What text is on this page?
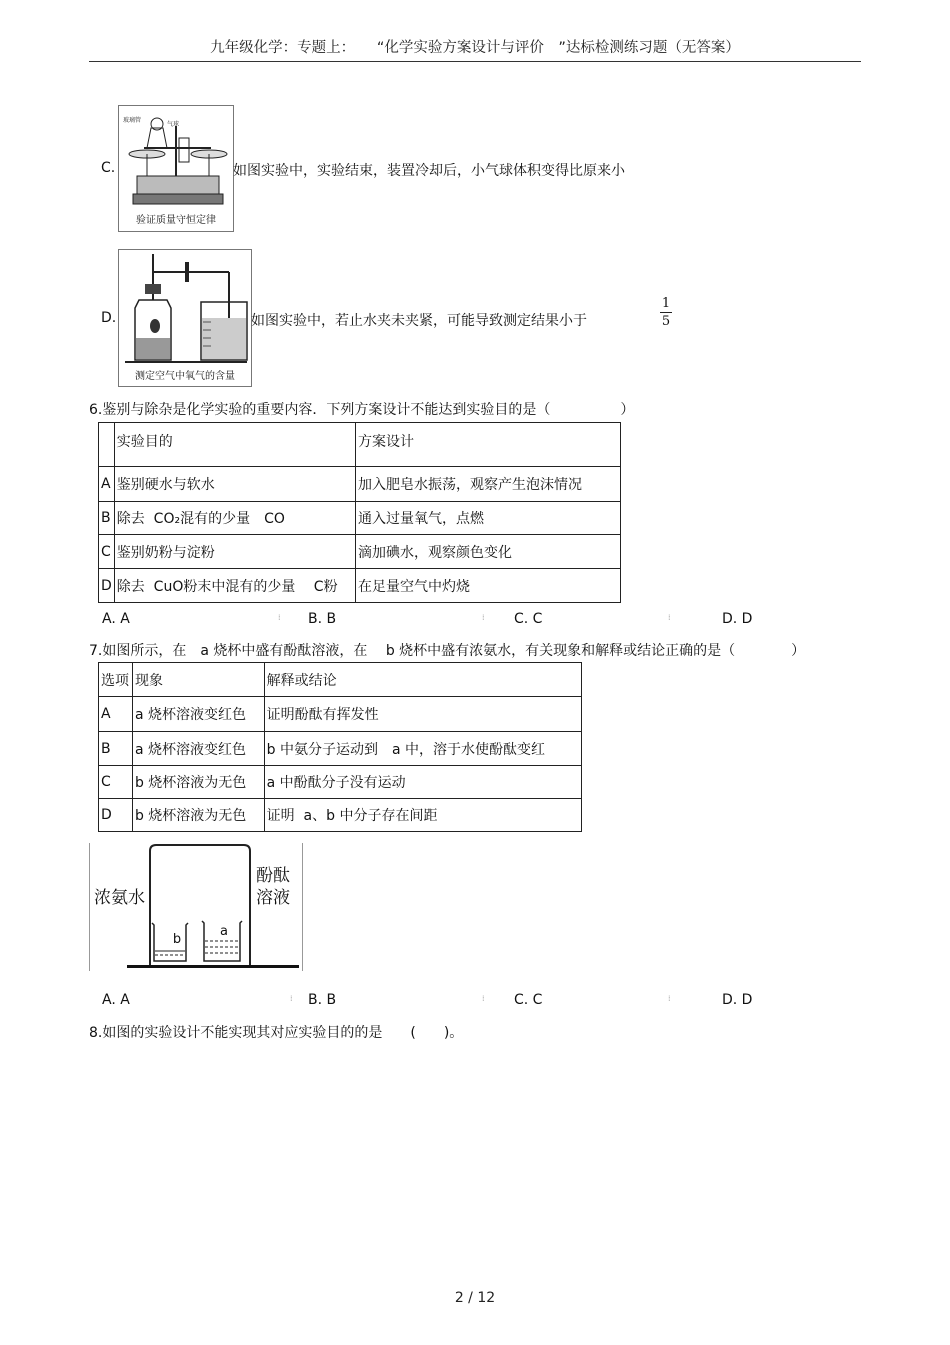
九年级化学：专题上：　　“化学实验方案设计与评价　”达标检测练习题（无答案）
C.
玻璃管
气球
验证质量守恒定律
如图实验中，实验结束，装置冷却后，小气球体积变得比原来小
D.
测定空气中氧气的含量
如图实验中，若止水夹未夹紧，可能导致测定结果小于
1
5
6.鉴别与除杂是化学实验的重要内容．下列方案设计不能达到实验目的是（　　　　　）
	实验目的	方案设计
A	鉴别硬水与软水	加入肥皂水振荡，观察产生泡沫情况
B	除去  CO₂混有的少量　CO	通入过量氧气，点燃
C	鉴别奶粉与淀粉	滴加碘水，观察颜色变化
D	除去  CuO粉末中混有的少量　 C粉	在足量空气中灼烧
A. A	⁞ B. B	⁞ C. C	⁞	D. D
7.如图所示，在　a 烧杯中盛有酚酞溶液，在　 b 烧杯中盛有浓氨水，有关现象和解释或结论正确的是（　　　　）
选项	现象	解释或结论
A	a 烧杯溶液变红色	证明酚酞有挥发性
B	a 烧杯溶液变红色	b 中氨分子运动到　a 中，溶于水使酚酞变红
C	b 烧杯溶液为无色	a 中酚酞分子没有运动
D	b 烧杯溶液为无色	证明  a、b 中分子存在间距
b
a
浓氨水
酚酞
溶液
A. A	⁞ B. B	⁞ C. C	⁞	D. D
8.如图的实验设计不能实现其对应实验目的的是　　(　　)。
2 / 12
